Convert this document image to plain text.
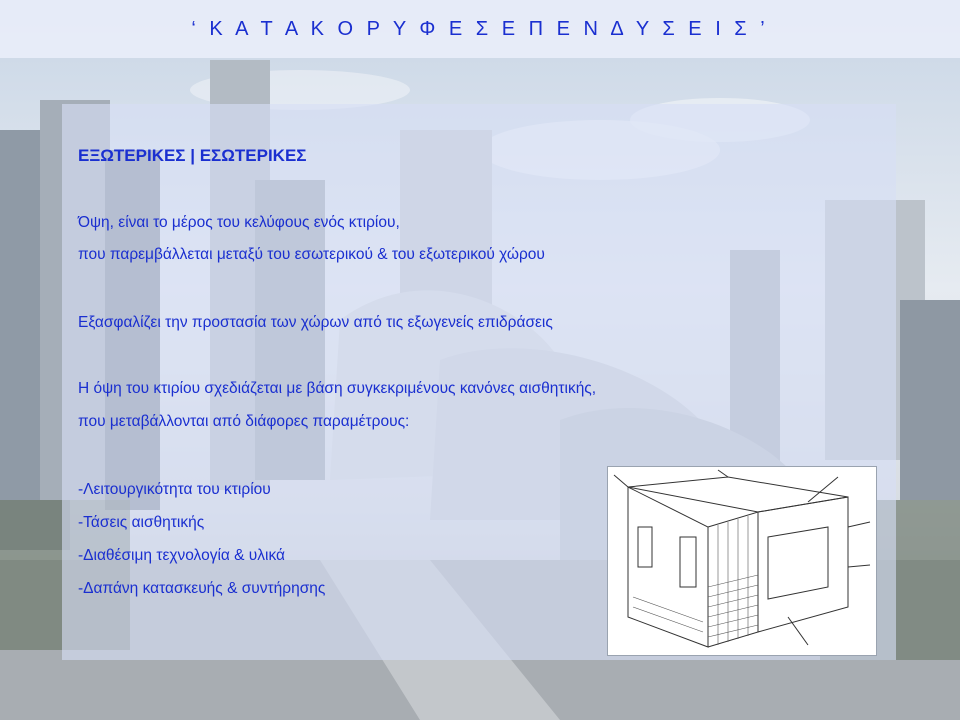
‘ Κ Α Τ Α Κ Ο Ρ Υ Φ Ε Σ Ε Π Ε Ν Δ Υ Σ Ε Ι Σ ’
ΕΞΩΤΕΡΙΚΕΣ | ΕΣΩΤΕΡΙΚΕΣ
Όψη, είναι το μέρος του κελύφους ενός κτιρίου,
που παρεμβάλλεται μεταξύ του εσωτερικού & του εξωτερικού χώρου
Εξασφαλίζει την προστασία των χώρων από τις εξωγενείς επιδράσεις
Η όψη του κτιρίου σχεδιάζεται με βάση συγκεκριμένους κανόνες αισθητικής,
που μεταβάλλονται από διάφορες παραμέτρους:
-Λειτουργικότητα του κτιρίου
-Τάσεις αισθητικής
-Διαθέσιμη τεχνολογία & υλικά
-Δαπάνη κατασκευής & συντήρησης
